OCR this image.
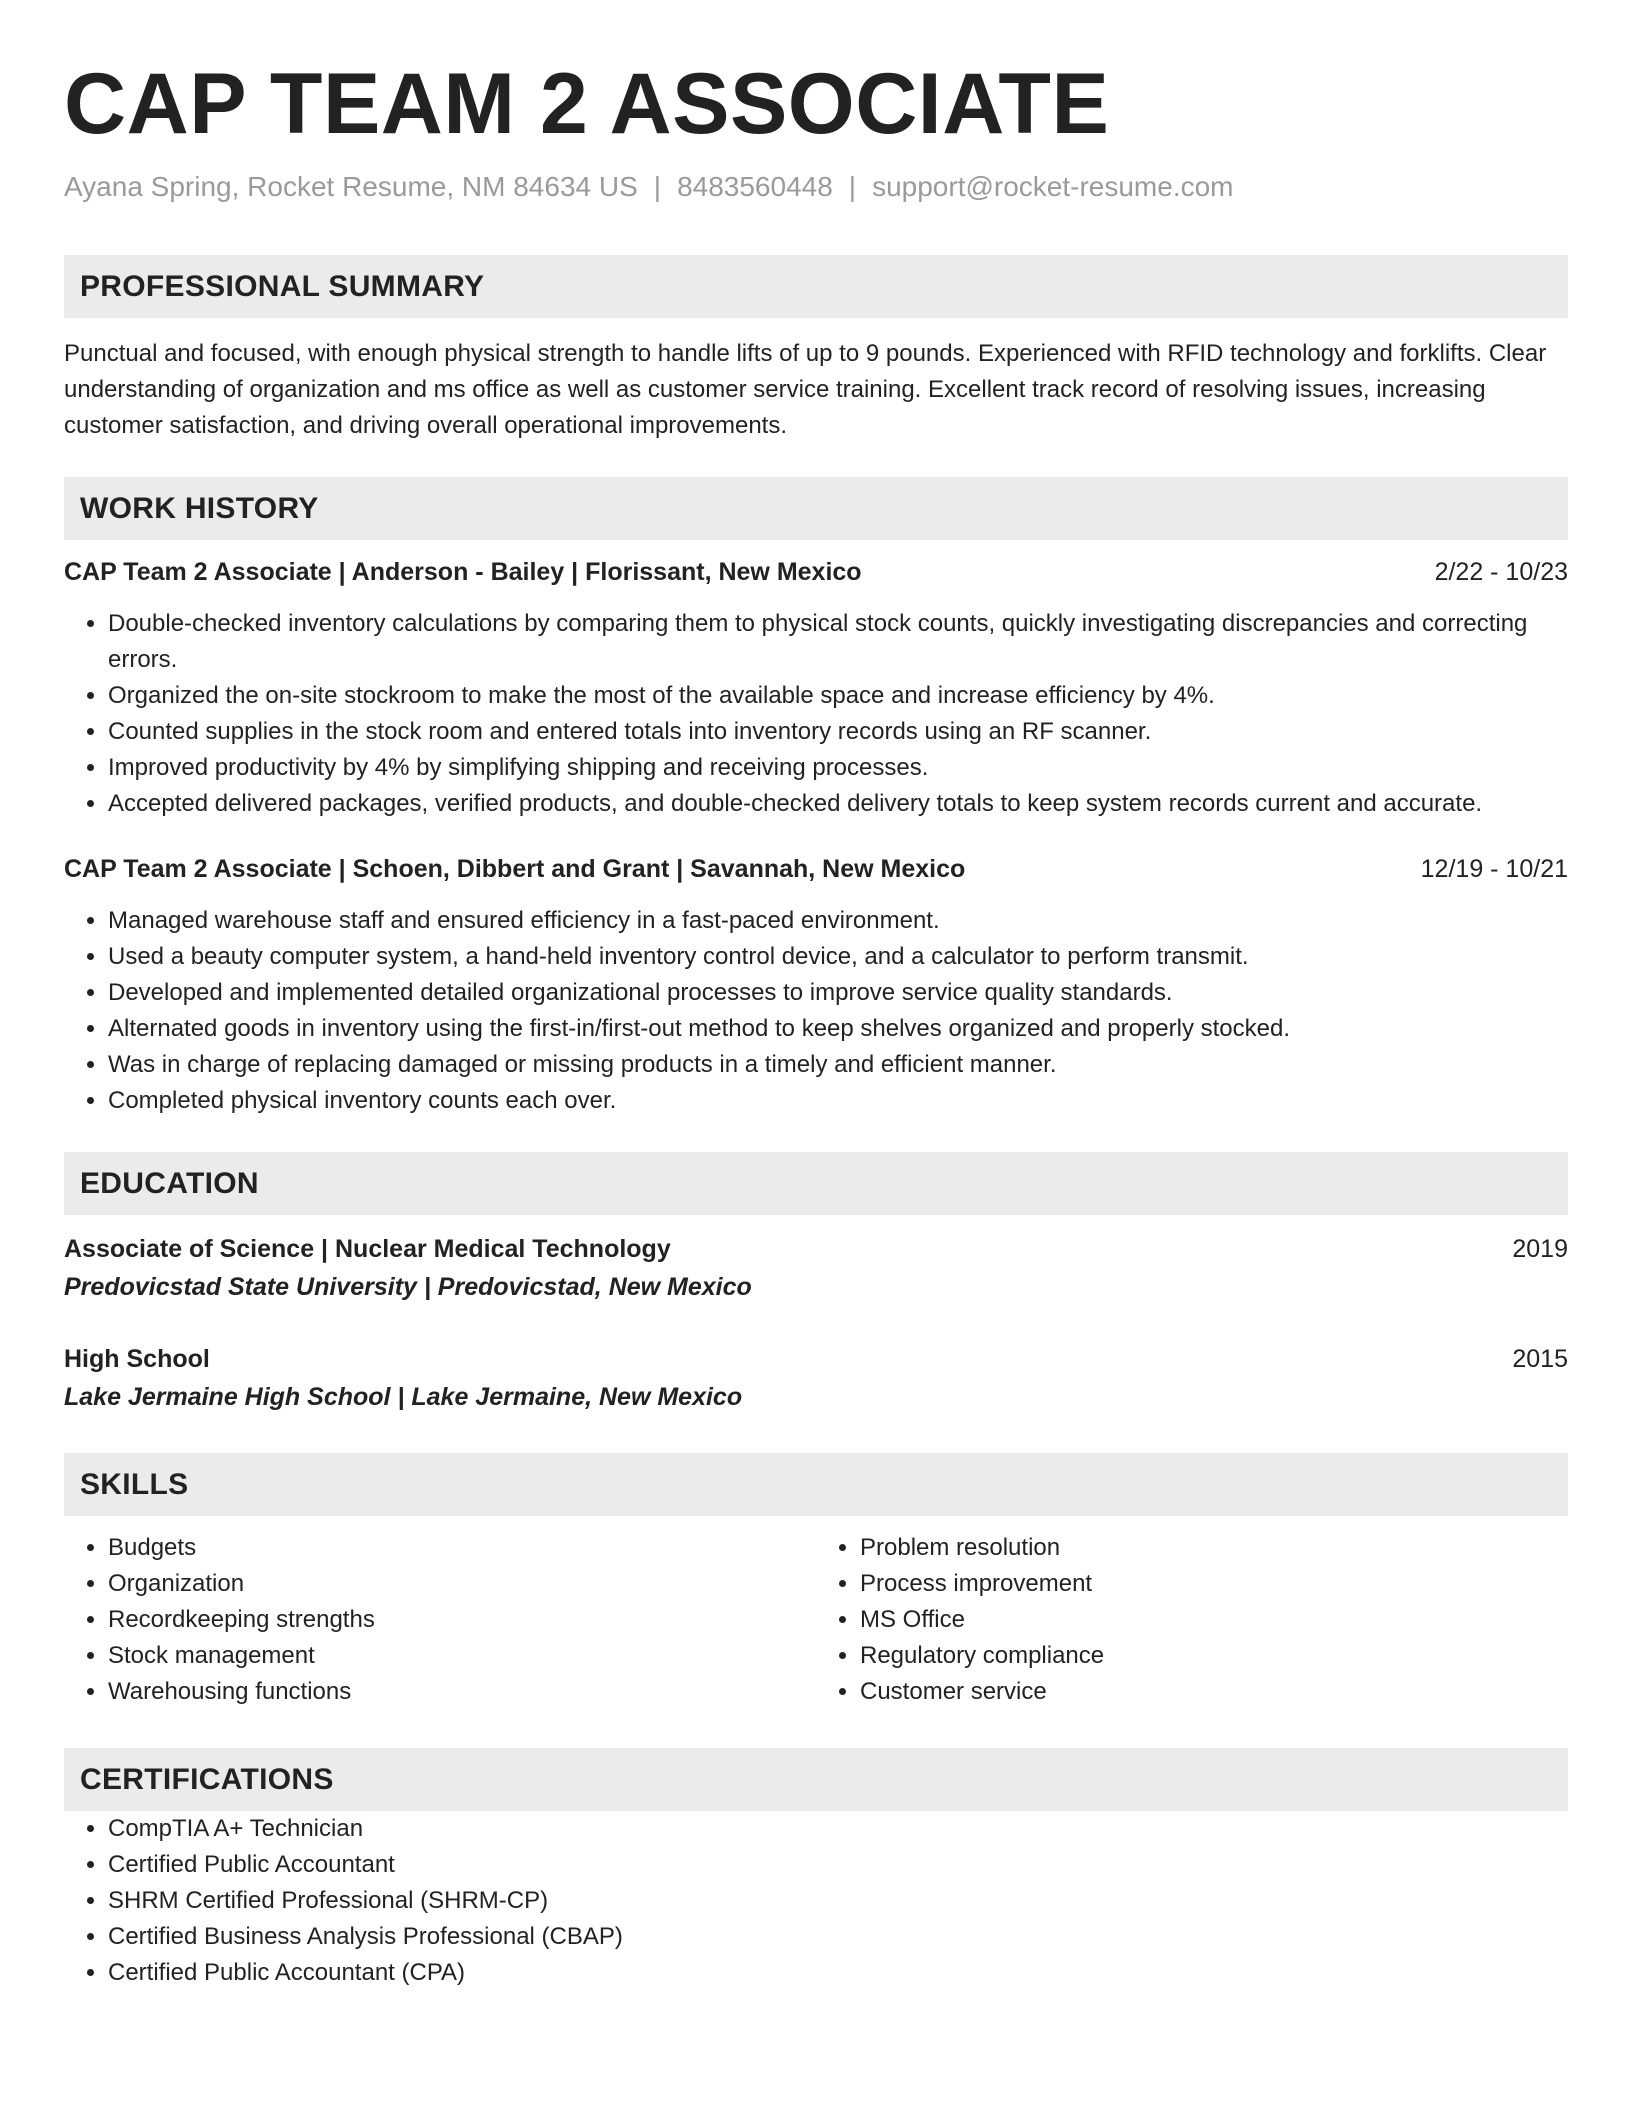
CAP TEAM 2 ASSOCIATE
Ayana Spring, Rocket Resume, NM 84634 US | 8483560448 | support@rocket-resume.com
PROFESSIONAL SUMMARY

Punctual and focused, with enough physical strength to handle lifts of up to 9 pounds. Experienced with RFID technology and forklifts. Clear understanding of organization and ms office as well as customer service training. Excellent track record of resolving issues, increasing customer satisfaction, and driving overall operational improvements.

WORK HISTORY
CAP Team 2 Associate | Anderson - Bailey | Florissant, New Mexico	2/22 - 10/23
• Double-checked inventory calculations by comparing them to physical stock counts, quickly investigating discrepancies and correcting errors.
• Organized the on-site stockroom to make the most of the available space and increase efficiency by 4%.
• Counted supplies in the stock room and entered totals into inventory records using an RF scanner.
• Improved productivity by 4% by simplifying shipping and receiving processes.
• Accepted delivered packages, verified products, and double-checked delivery totals to keep system records current and accurate.
CAP Team 2 Associate | Schoen, Dibbert and Grant | Savannah, New Mexico	12/19 - 10/21
• Managed warehouse staff and ensured efficiency in a fast-paced environment.
• Used a beauty computer system, a hand-held inventory control device, and a calculator to perform transmit.
• Developed and implemented detailed organizational processes to improve service quality standards.
• Alternated goods in inventory using the first-in/first-out method to keep shelves organized and properly stocked.
• Was in charge of replacing damaged or missing products in a timely and efficient manner.
• Completed physical inventory counts each over.
EDUCATION
Associate of Science | Nuclear Medical Technology	2019
Predovicstad State University | Predovicstad, New Mexico
High School	2015
Lake Jermaine High School | Lake Jermaine, New Mexico
SKILLS
• Budgets
• Organization
• Recordkeeping strengths
• Stock management
• Warehousing functions
• Problem resolution
• Process improvement
• MS Office
• Regulatory compliance
• Customer service
CERTIFICATIONS
• CompTIA A+ Technician
• Certified Public Accountant
• SHRM Certified Professional (SHRM-CP)
• Certified Business Analysis Professional (CBAP)
• Certified Public Accountant (CPA)
